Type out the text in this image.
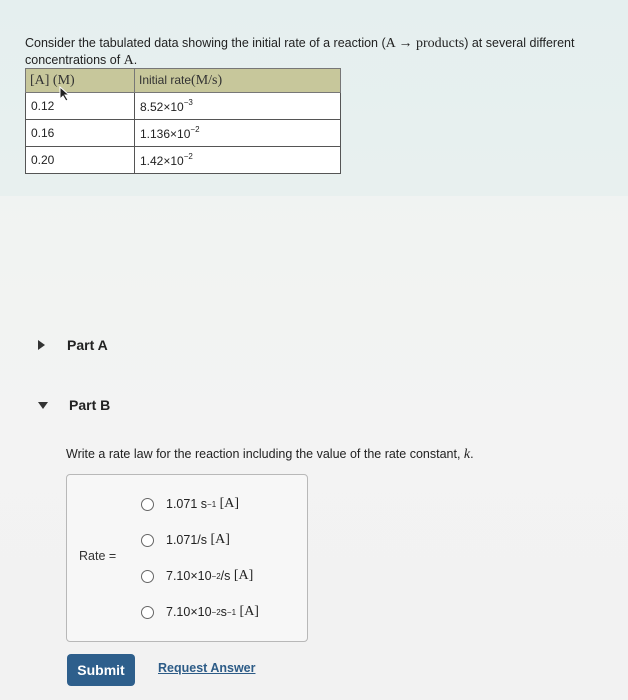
Consider the tabulated data showing the initial rate of a reaction (A → products) at several different concentrations of A.
[A] (M)	Initial rate(M/s)
0.12	$8.52\times 10^{-3}$
0.16	$1.136\times 10^{-2}$
0.20	$1.42\times 10^{-2}$
Part A
Part B
Write a rate law for the reaction including the value of the rate constant, k.
Rate =
1.071 s −1
[A]
1.071/s
[A]
7.10×10 −2 /s
[A]
7.10×10 −2 s −1
[A]
Submit	Request Answer
